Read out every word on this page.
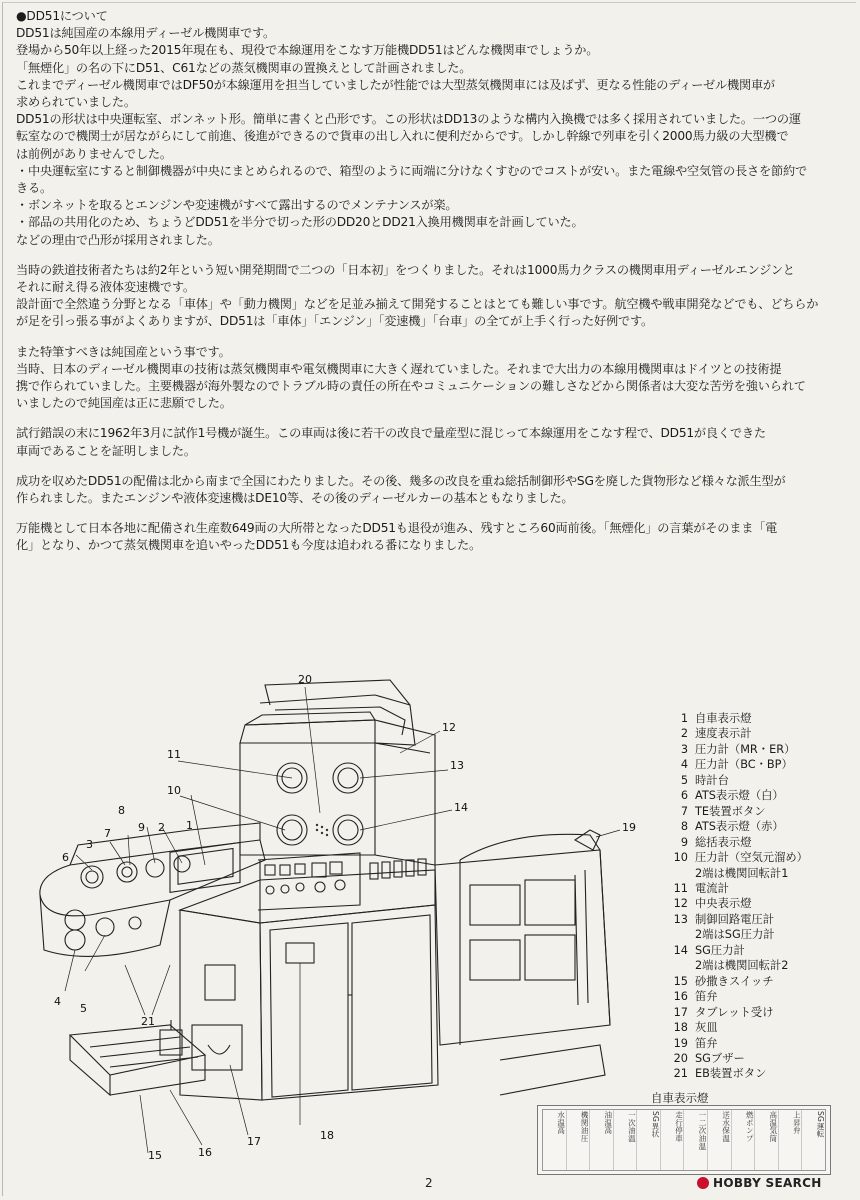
●DD51について

DD51は純国産の本線用ディーゼル機関車です。

登場から50年以上経った2015年現在も、現役で本線運用をこなす万能機DD51はどんな機関車でしょうか。

「無煙化」の名の下にD51、C61などの蒸気機関車の置換えとして計画されました。

これまでディーゼル機関車ではDF50が本線運用を担当していましたが性能では大型蒸気機関車には及ばず、更なる性能のディーゼル機関車が

求められていました。

DD51の形状は中央運転室、ボンネット形。簡単に書くと凸形です。この形状はDD13のような構内入換機では多く採用されていました。一つの運

転室なので機関士が居ながらにして前進、後進ができるので貨車の出し入れに便利だからです。しかし幹線で列車を引く2000馬力級の大型機で

は前例がありませんでした。

・中央運転室にすると制御機器が中央にまとめられるので、箱型のように両端に分けなくすむのでコストが安い。また電線や空気管の長さを節約で

きる。

・ボンネットを取るとエンジンや変速機がすべて露出するのでメンテナンスが楽。

・部品の共用化のため、ちょうどDD51を半分で切った形のDD20とDD21入換用機関車を計画していた。

などの理由で凸形が採用されました。

当時の鉄道技術者たちは約2年という短い開発期間で二つの「日本初」をつくりました。それは1000馬力クラスの機関車用ディーゼルエンジンと

それに耐え得る液体変速機です。

設計面で全然違う分野となる「車体」や「動力機関」などを足並み揃えて開発することはとても難しい事です。航空機や戦車開発などでも、どちらか

が足を引っ張る事がよくありますが、DD51は「車体」「エンジン」「変速機」「台車」の全てが上手く行った好例です。

また特筆すべきは純国産という事です。

当時、日本のディーゼル機関車の技術は蒸気機関車や電気機関車に大きく遅れていました。それまで大出力の本線用機関車はドイツとの技術提

携で作られていました。主要機器が海外製なのでトラブル時の責任の所在やコミュニケーションの難しさなどから関係者は大変な苦労を強いられて

いましたので純国産は正に悲願でした。

試行錯誤の末に1962年3月に試作1号機が誕生。この車両は後に若干の改良で量産型に混じって本線運用をこなす程で、DD51が良くできた

車両であることを証明しました。

成功を収めたDD51の配備は北から南まで全国にわたりました。その後、幾多の改良を重ね総括制御形やSGを廃した貨物形など様々な派生型が

作られました。またエンジンや液体変速機はDE10等、その後のディーゼルカーの基本ともなりました。

万能機として日本各地に配備され生産数649両の大所帯となったDD51も退役が進み、残すところ60両前後。「無煙化」の言葉がそのまま「電

化」となり、かつて蒸気機関車を追いやったDD51も今度は追われる番になりました。

20
12
13
14
11
10
1
2
9
8
7
3
6
19
4
5
21
18
15	16
17
1 自車表示燈
2 速度表示計
3 圧力計（MR・ER）
4 圧力計（BC・BP）
5 時計台
6 ATS表示燈（白）
7 TE装置ボタン
8 ATS表示燈（赤）
9 総括表示燈
10 圧力計（空気元溜め）
2端は機関回転計1
11 電流計
12 中央表示燈
13 制御回路電圧計
2端はSG圧力計
14 SG圧力計
2端は機関回転計2
15 砂撒きスイッチ
16 笛弁
17 タブレット受け
18 灰皿
19 笛弁
20 SGブザー
21 EB装置ボタン
自車表示燈
水温高	機関油圧	油温高	一次油温	SG異状	走行停車	一二次油温	送水保温	燃ポンプ	高温気筒	上昇弁	SG運転
2	HOBBY SEARCH
